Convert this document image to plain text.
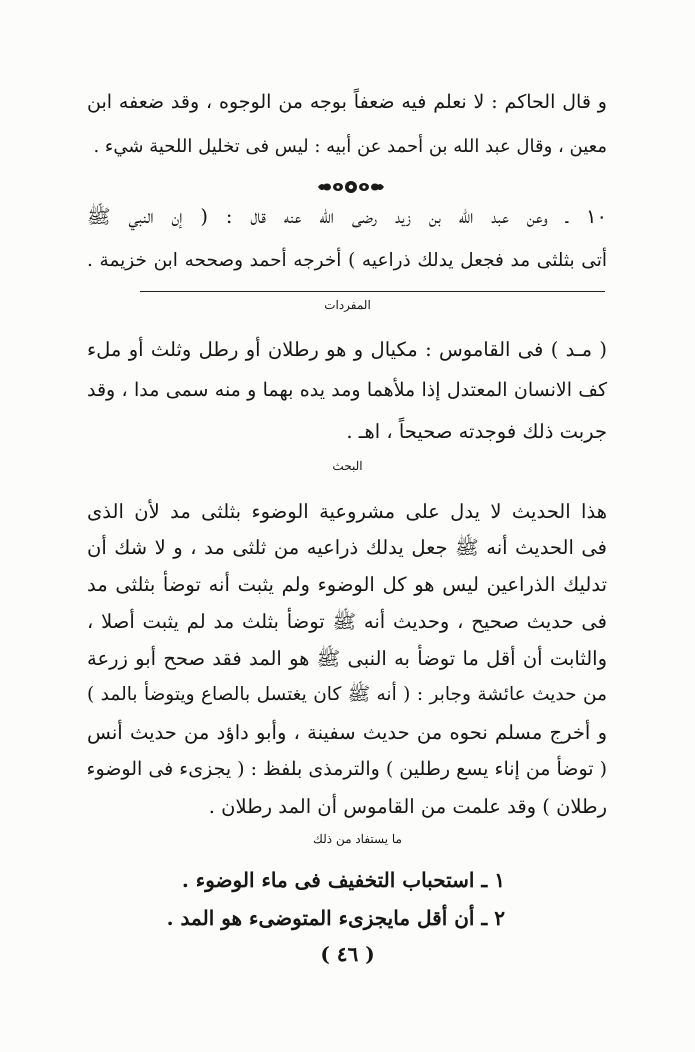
و قال الحاكم : لا نعلم فيه ضعفاً بوجه من الوجوه ، وقد ضعفه ابن
معين ، وقال عبد الله بن أحمد عن أبيه : ليس فى تخليل اللحية شيء .
١٠ ـ وعن عبد الله بن زيد رضى الله عنه قال : ( إن النبي ﷺ
أتى بثلثى مد فجعل يدلك ذراعيه ) أخرجه أحمد وصححه ابن خزيمة .
المفردات
( مـد ) فى القاموس : مكيال و هو رطلان أو رطل وثلث أو ملء
كف الانسان المعتدل إذا ملأهما ومد يده بهما و منه سمى مدا ، وقد
جربت ذلك فوجدته صحيحاً ، اهـ .
البحث
هذا الحديث لا يدل على مشروعية الوضوء بثلثى مد لأن الذى
فى الحديث أنه ﷺ جعل يدلك ذراعيه من ثلثى مد ، و لا شك أن
تدليك الذراعين ليس هو كل الوضوء ولم يثبت أنه توضأ بثلثى مد
فى حديث صحيح ، وحديث أنه ﷺ توضأ بثلث مد لم يثبت أصلا ،
والثابت أن أقل ما توضأ به النبى ﷺ هو المد فقد صحح أبو زرعة
من حديث عائشة وجابر : ( أنه ﷺ كان يغتسل بالصاع ويتوضأ بالمد )
و أخرج مسلم نحوه من حديث سفينة ، وأبو داؤد من حديث أنس
( توضأ من إناء يسع رطلين ) والترمذى بلفظ : ( يجزىء فى الوضوء
رطلان ) وقد علمت من القاموس أن المد رطلان .
ما يستفاد من ذلك
١ ـ استحباب التخفيف فى ماء الوضوء .
٢ ـ أن أقل مايجزىء المتوضىء هو المد .
( ٤٦ )
